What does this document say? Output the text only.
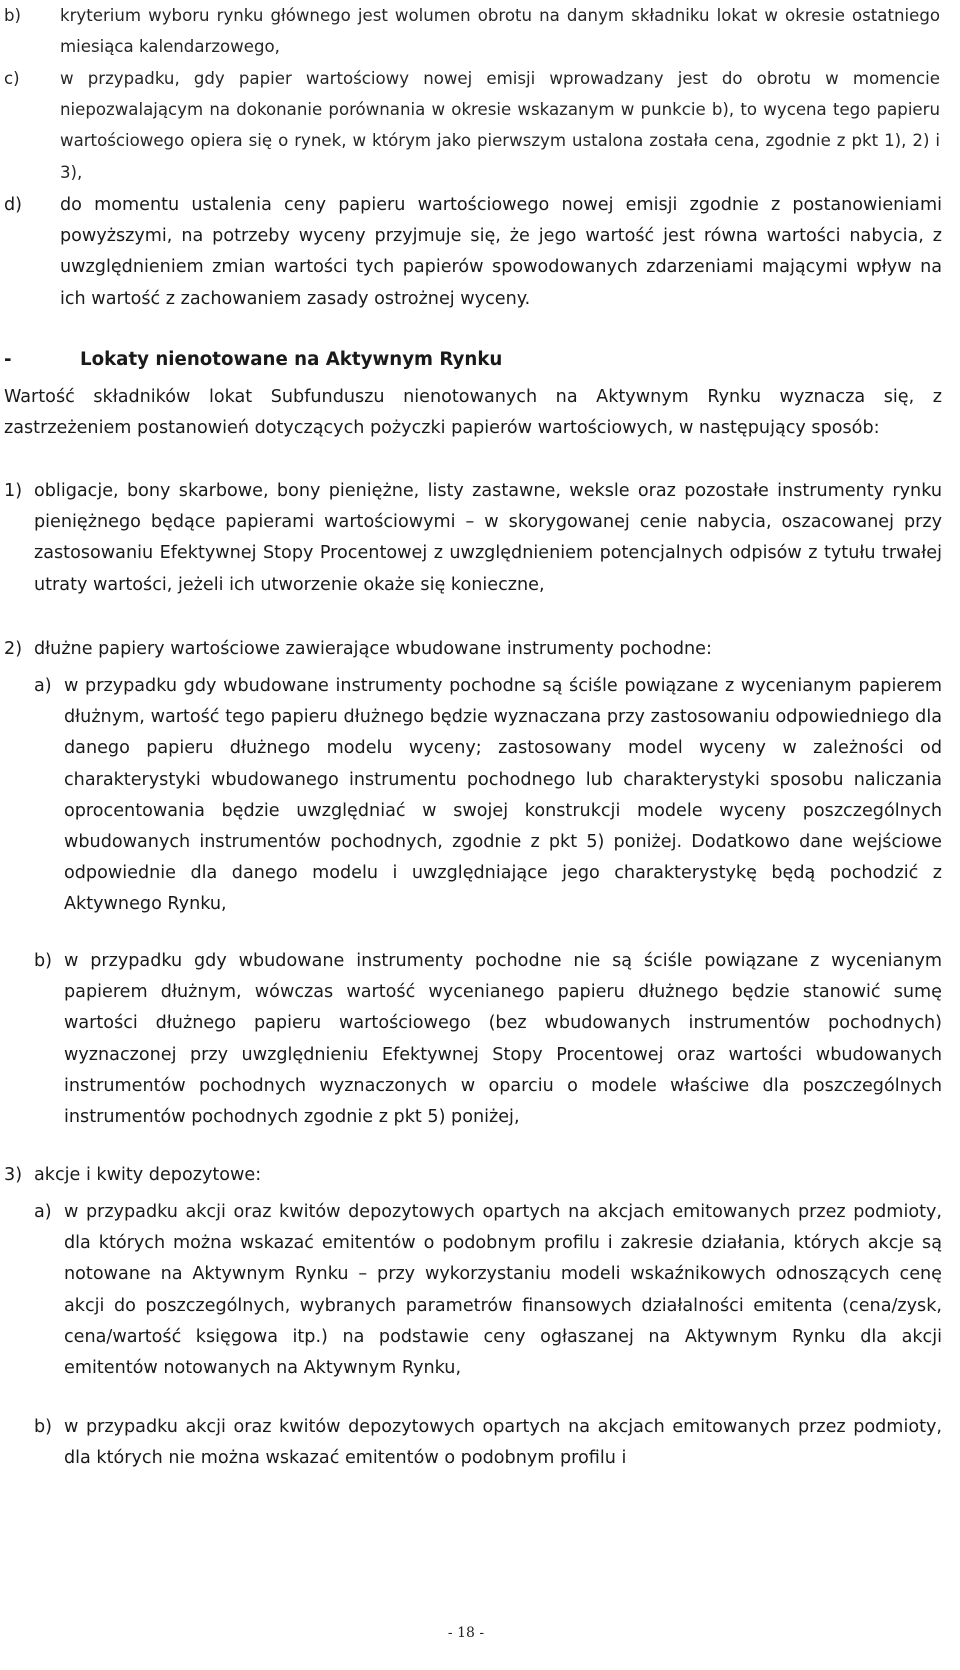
b) kryterium wyboru rynku głównego jest wolumen obrotu na danym składniku lokat w okresie ostatniego miesiąca kalendarzowego,
c) w przypadku, gdy papier wartościowy nowej emisji wprowadzany jest do obrotu w momencie niepozwalającym na dokonanie porównania w okresie wskazanym w punkcie b), to wycena tego papieru wartościowego opiera się o rynek, w którym jako pierwszym ustalona została cena, zgodnie z pkt 1), 2) i 3),
d) do momentu ustalenia ceny papieru wartościowego nowej emisji zgodnie z postanowieniami powyższymi, na potrzeby wyceny przyjmuje się, że jego wartość jest równa wartości nabycia, z uwzględnieniem zmian wartości tych papierów spowodowanych zdarzeniami mającymi wpływ na ich wartość z zachowaniem zasady ostrożnej wyceny.
-	Lokaty nienotowane na Aktywnym Rynku
Wartość składników lokat Subfunduszu nienotowanych na Aktywnym Rynku wyznacza się, z zastrzeżeniem postanowień dotyczących pożyczki papierów wartościowych, w następujący sposób:
1) obligacje, bony skarbowe, bony pieniężne, listy zastawne, weksle oraz pozostałe instrumenty rynku pieniężnego będące papierami wartościowymi – w skorygowanej cenie nabycia, oszacowanej przy zastosowaniu Efektywnej Stopy Procentowej z uwzględnieniem potencjalnych odpisów z tytułu trwałej utraty wartości, jeżeli ich utworzenie okaże się konieczne,
2) dłużne papiery wartościowe zawierające wbudowane instrumenty pochodne:
a) w przypadku gdy wbudowane instrumenty pochodne są ściśle powiązane z wycenianym papierem dłużnym, wartość tego papieru dłużnego będzie wyznaczana przy zastosowaniu odpowiedniego dla danego papieru dłużnego modelu wyceny; zastosowany model wyceny w zależności od charakterystyki wbudowanego instrumentu pochodnego lub charakterystyki sposobu naliczania oprocentowania będzie uwzględniać w swojej konstrukcji modele wyceny poszczególnych wbudowanych instrumentów pochodnych, zgodnie z pkt 5) poniżej. Dodatkowo dane wejściowe odpowiednie dla danego modelu i uwzględniające jego charakterystykę będą pochodzić z Aktywnego Rynku,
b) w przypadku gdy wbudowane instrumenty pochodne nie są ściśle powiązane z wycenianym papierem dłużnym, wówczas wartość wycenianego papieru dłużnego będzie stanowić sumę wartości dłużnego papieru wartościowego (bez wbudowanych instrumentów pochodnych) wyznaczonej przy uwzględnieniu Efektywnej Stopy Procentowej oraz wartości wbudowanych instrumentów pochodnych wyznaczonych w oparciu o modele właściwe dla poszczególnych instrumentów pochodnych zgodnie z pkt 5) poniżej,
3) akcje i kwity depozytowe:
a) w przypadku akcji oraz kwitów depozytowych opartych na akcjach emitowanych przez podmioty, dla których można wskazać emitentów o podobnym profilu i zakresie działania, których akcje są notowane na Aktywnym Rynku – przy wykorzystaniu modeli wskaźnikowych odnoszących cenę akcji do poszczególnych, wybranych parametrów finansowych działalności emitenta (cena/zysk, cena/wartość księgowa itp.) na podstawie ceny ogłaszanej na Aktywnym Rynku dla akcji emitentów notowanych na Aktywnym Rynku,
b) w przypadku akcji oraz kwitów depozytowych opartych na akcjach emitowanych przez podmioty, dla których nie można wskazać emitentów o podobnym profilu i
- 18 -
